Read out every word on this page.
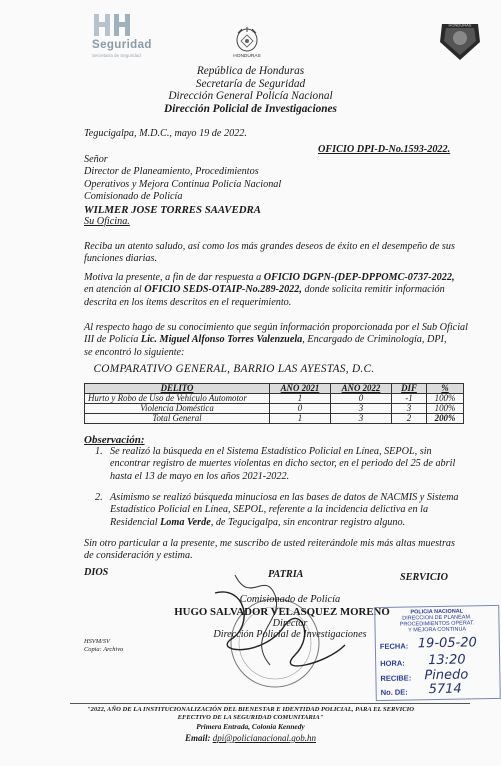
Seguridad
Secretaría de Seguridad	HONDURAS
HONDURAS
República de Honduras
Secretaría de Seguridad
Dirección General Policía Nacional
Dirección Policial de Investigaciones
Tegucigalpa, M.D.C., mayo 19 de 2022.
OFICIO DPI-D-No.1593-2022.
Señor
Director de Planeamiento, Procedimientos
Operativos y Mejora Continua Policía Nacional
Comisionado de Policía
WILMER JOSE TORRES SAAVEDRA
Su Oficina.
Reciba un atento saludo, así como los más grandes deseos de éxito en el desempeño de sus
funciones diarias.
Motiva la presente, a fin de dar respuesta a OFICIO DGPN-(DEP-DPPOMC-0737-2022,
en atención al OFICIO SEDS-OTAIP-No.289-2022, donde solicita remitir información
descrita en los ítems descritos en el requerimiento.
Al respecto hago de su conocimiento que según información proporcionada por el Sub Oficial
III de Policía Lic. Miguel Alfonso Torres Valenzuela, Encargado de Criminología, DPI,
se encontró lo siguiente:
COMPARATIVO GENERAL, BARRIO LAS AYESTAS, D.C.
DELITO	AÑO 2021	AÑO 2022	DIF	%
Hurto y Robo de Uso de Vehículo Automotor	1	0	-1	100%
Violencia Doméstica	0	3	3	100%
Total General	1	3	2	200%
Observación:
1. Se realizó la búsqueda en el Sistema Estadístico Policial en Línea, SEPOL, sin
encontrar registro de muertes violentas en dicho sector, en el periodo del 25 de abril
hasta el 13 de mayo en los años 2021-2022.
2. Asimismo se realizó búsqueda minuciosa en las bases de datos de NACMIS y Sistema
Estadístico Policial en Línea, SEPOL, referente a la incidencia delictiva en la
Residencial Loma Verde, de Tegucigalpa, sin encontrar registro alguno.
Sin otro particular a la presente, me suscribo de usted reiterándole mis más altas muestras
de consideración y estima.
DIOS	PATRIA	SERVICIO
Comisionado de Policía
HUGO SALVADOR VELASQUEZ MORENO
Director
Dirección Policial de Investigaciones
HSVM/SV
Copia: Archivo
POLICIA NACIONAL
DIRECCION DE PLANEAM.
PROCEDIMIENTOS OPERAT.
Y MEJORA CONTINUA
FECHA: 19-05-20
HORA: 13:20
RECIBE: Pinedo
No. DE: 5714
"2022, AÑO DE LA INSTITUCIONALIZACIÓN DEL BIENESTAR E IDENTIDAD POLICIAL, PARA EL SERVICIO
EFECTIVO DE LA SEGURIDAD COMUNITARIA"
Primera Entrada, Colonia Kennedy
Email: dpi@policianacional.gob.hn
